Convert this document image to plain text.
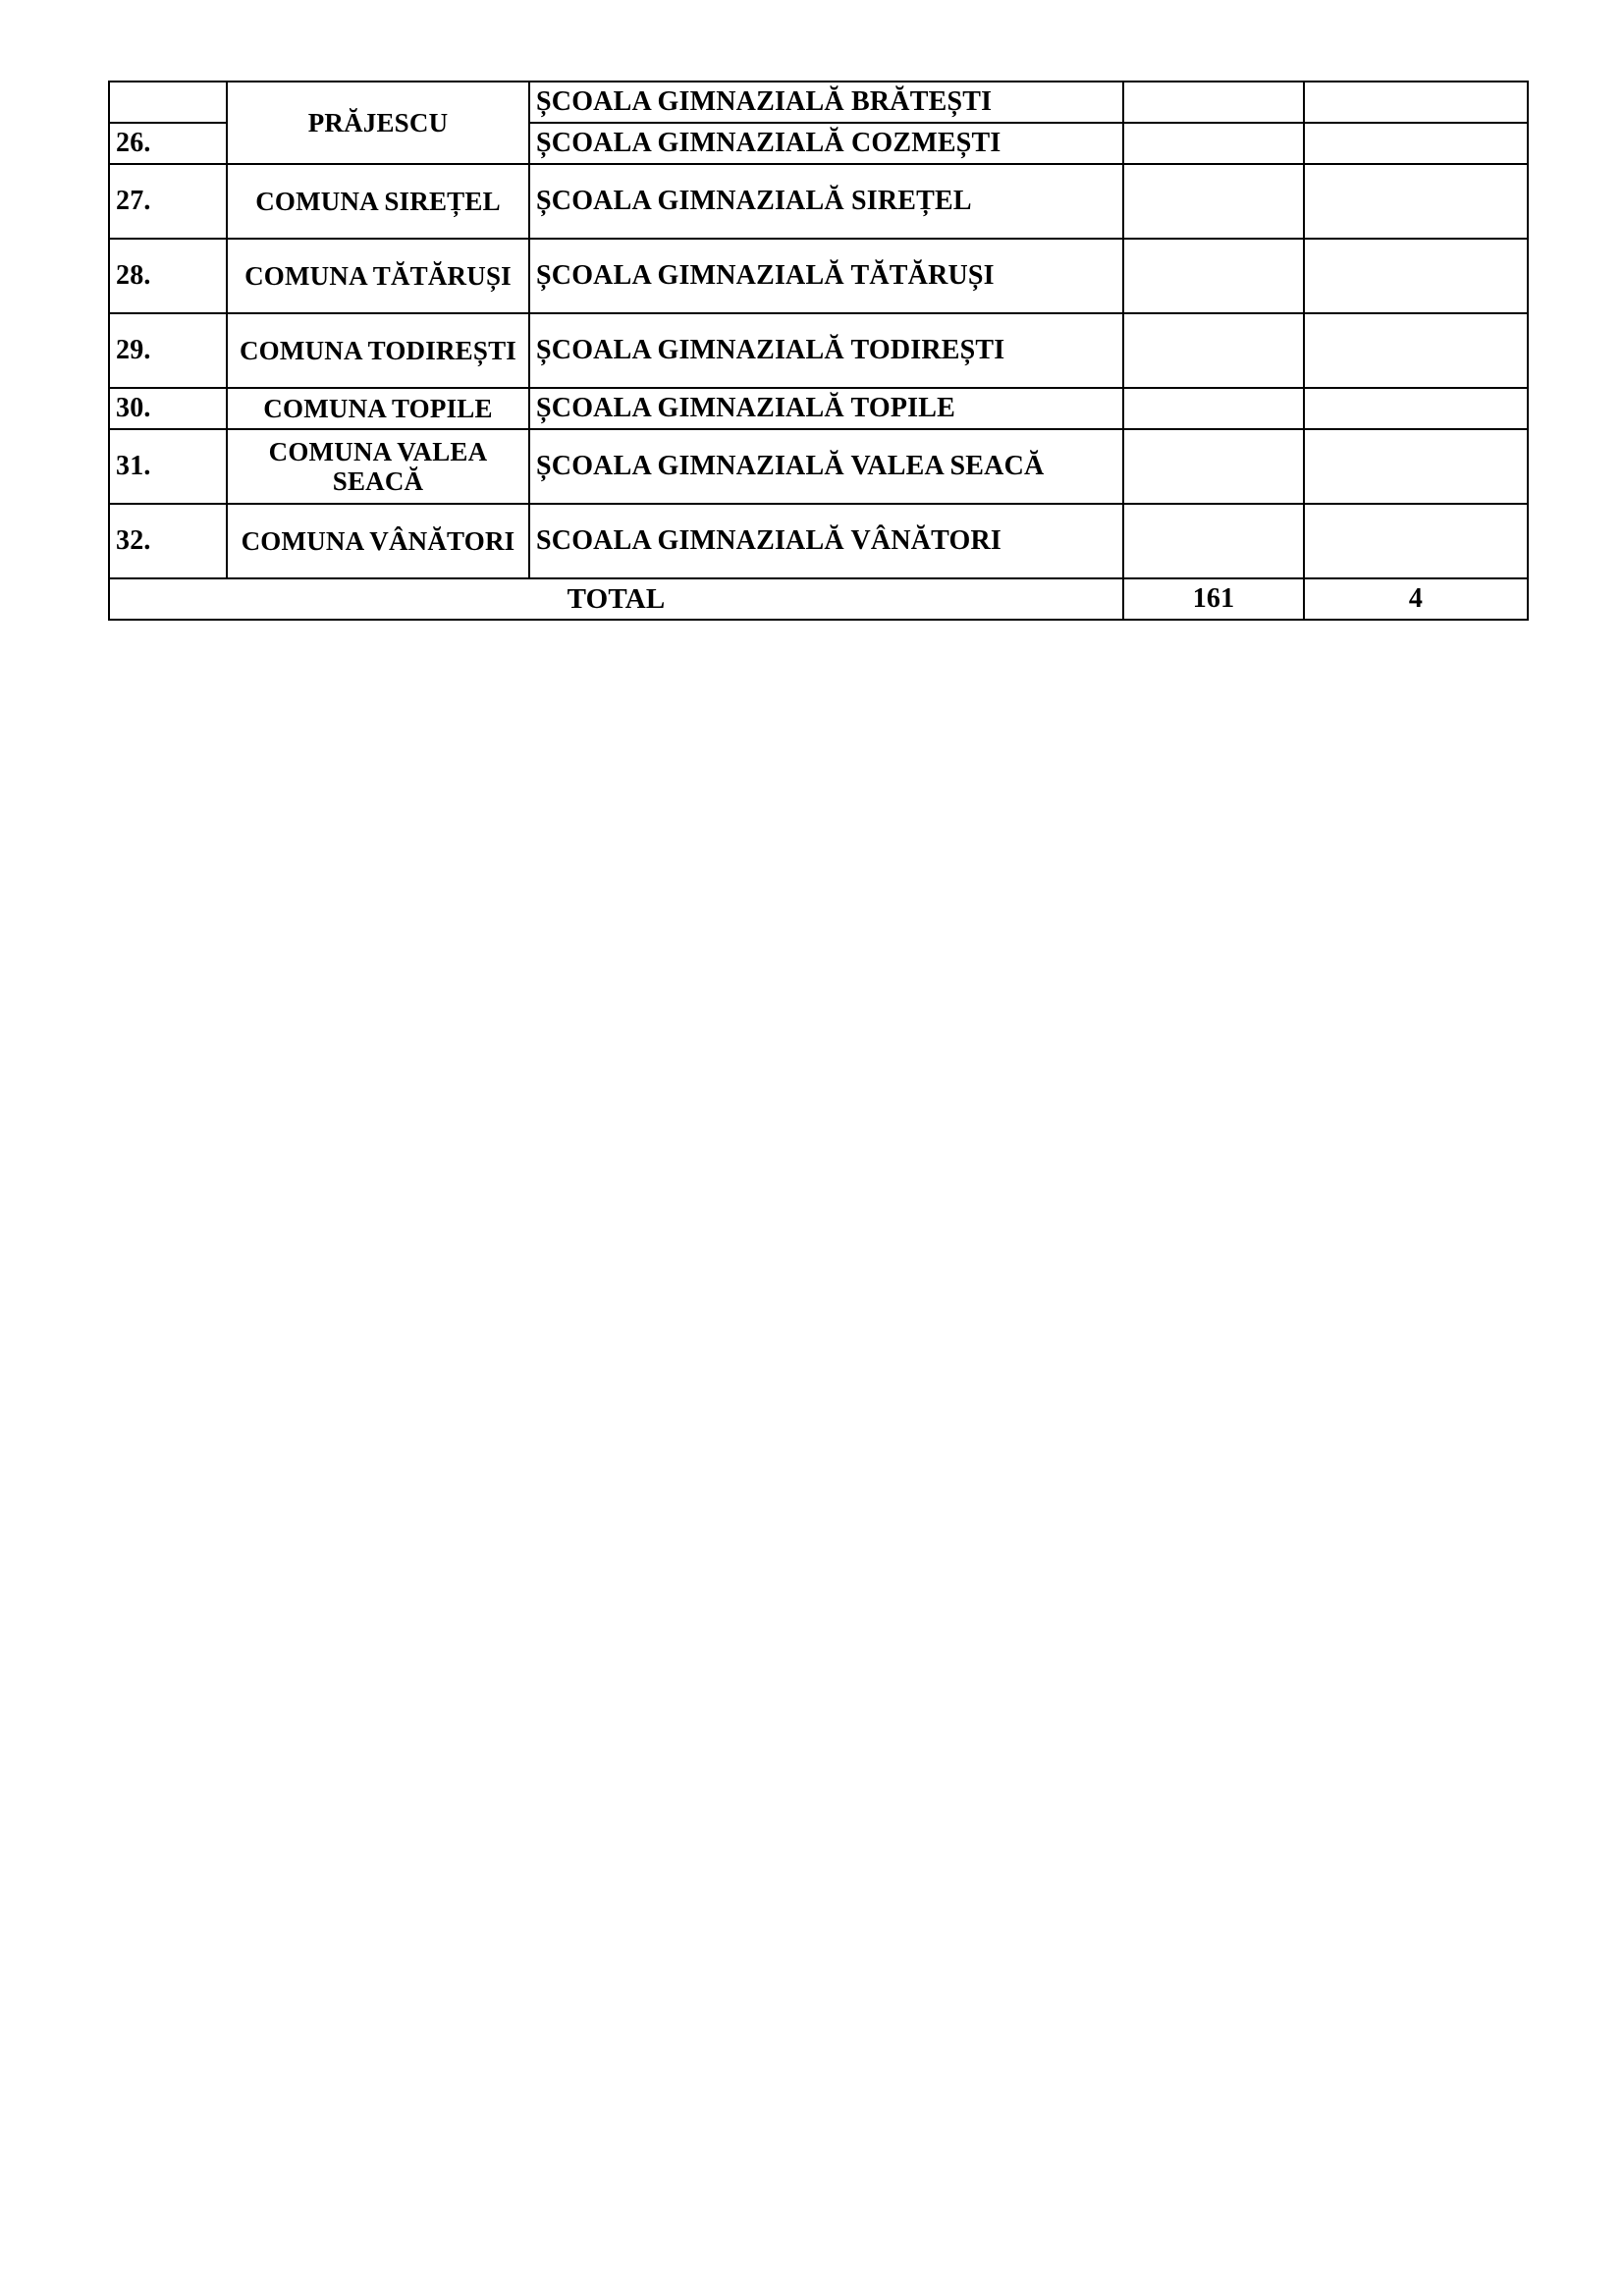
	PRĂJESCU	ȘCOALA GIMNAZIALĂ BRĂTEȘTI		
26.		ȘCOALA GIMNAZIALĂ COZMEȘTI		
27.	COMUNA SIREȚEL	ȘCOALA GIMNAZIALĂ SIREȚEL		
28.	COMUNA TĂTĂRUȘI	ȘCOALA GIMNAZIALĂ TĂTĂRUȘI		
29.	COMUNA TODIREȘTI	ȘCOALA GIMNAZIALĂ TODIREȘTI		
30.	COMUNA TOPILE	ȘCOALA GIMNAZIALĂ TOPILE		
31.	COMUNA VALEA SEACĂ	ȘCOALA GIMNAZIALĂ VALEA SEACĂ		
32.	COMUNA VÂNĂTORI	SCOALA GIMNAZIALĂ VÂNĂTORI		
TOTAL			161	4
